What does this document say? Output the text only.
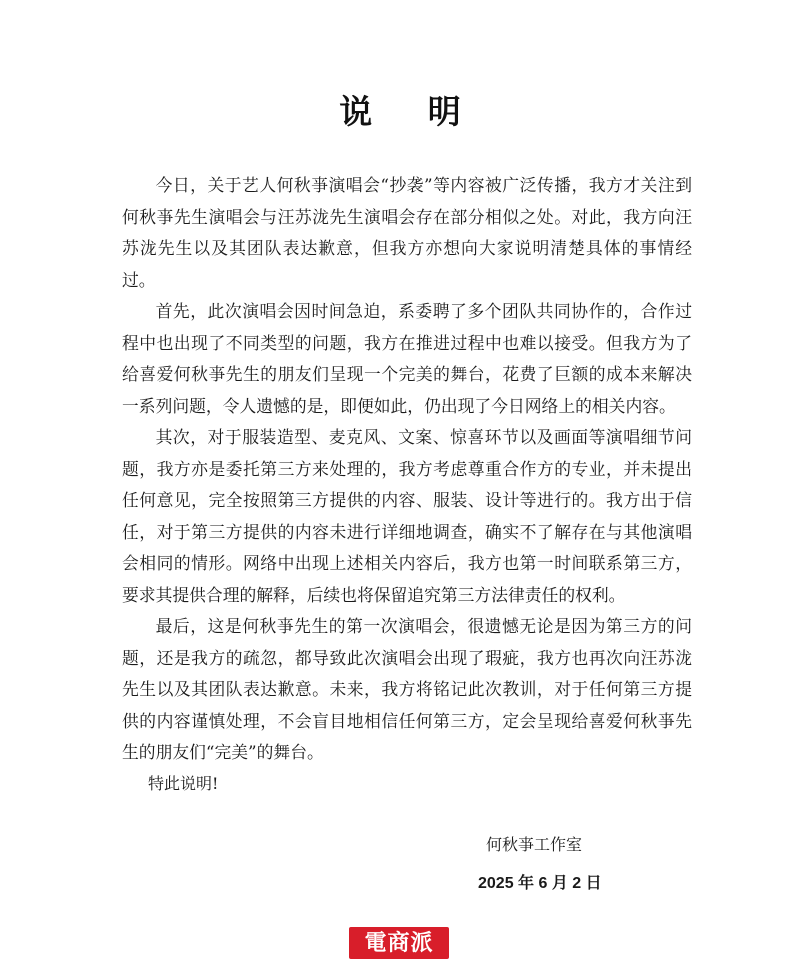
说 明

今日，关于艺人何秋亊演唱会“抄袭”等内容被广泛传播，我方才关注到何秋亊先生演唱会与汪苏泷先生演唱会存在部分相似之处。对此，我方向汪苏泷先生以及其团队表达歉意，但我方亦想向大家说明清楚具体的事情经过。

首先，此次演唱会因时间急迫，系委聘了多个团队共同协作的，合作过程中也出现了不同类型的问题，我方在推进过程中也难以接受。但我方为了给喜爱何秋亊先生的朋友们呈现一个完美的舞台，花费了巨额的成本来解决一系列问题，令人遗憾的是，即便如此，仍出现了今日网络上的相关内容。

其次，对于服装造型、麦克风、文案、惊喜环节以及画面等演唱细节问题，我方亦是委托第三方来处理的，我方考虑尊重合作方的专业，并未提出任何意见，完全按照第三方提供的内容、服装、设计等进行的。我方出于信任，对于第三方提供的内容未进行详细地调查，确实不了解存在与其他演唱会相同的情形。网络中出现上述相关内容后，我方也第一时间联系第三方，要求其提供合理的解释，后续也将保留追究第三方法律责任的权利。

最后，这是何秋亊先生的第一次演唱会，很遗憾无论是因为第三方的问题，还是我方的疏忽，都导致此次演唱会出现了瑕疵，我方也再次向汪苏泷先生以及其团队表达歉意。未来，我方将铭记此次教训，对于任何第三方提供的内容谨慎处理，不会盲目地相信任何第三方，定会呈现给喜爱何秋亊先生的朋友们“完美”的舞台。

特此说明!
何秋亊工作室
2025 年 6 月 2 日
電商派
